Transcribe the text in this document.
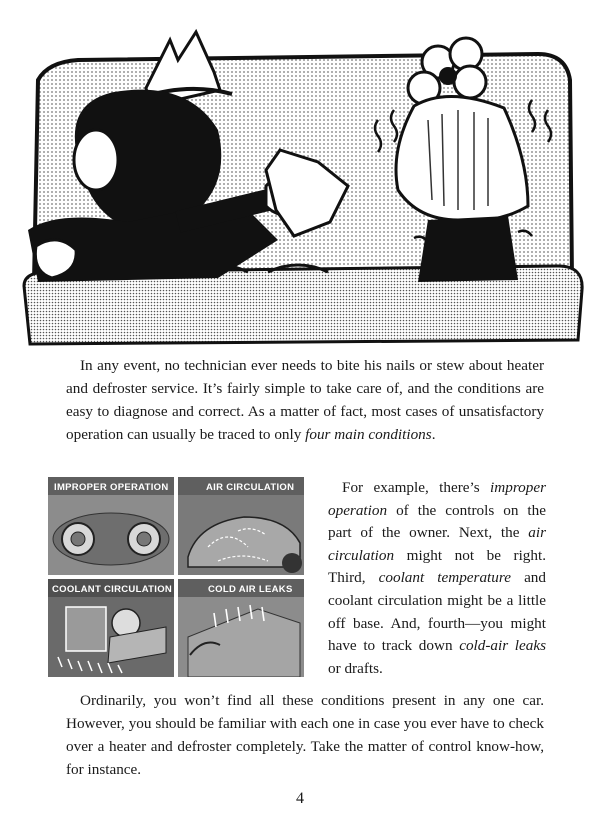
In any event, no technician ever needs to bite his nails or stew about heater and defroster service. It’s fairly simple to take care of, and the conditions are easy to diagnose and correct. As a matter of fact, most cases of unsatisfactory operation can usually be traced to only four main conditions.

IMPROPER OPERATION	AIR CIRCULATION
COOLANT CIRCULATION	COLD AIR LEAKS

For example, there’s improper operation of the controls on the part of the owner. Next, the air circulation might not be right. Third, coolant temperature and coolant circulation might be a little off base. And, fourth—you might have to track down cold-air leaks or drafts.

Ordinarily, you won’t find all these conditions present in any one car. However, you should be familiar with each one in case you ever have to check over a heater and defroster completely. Take the matter of control know-how, for instance.

4
